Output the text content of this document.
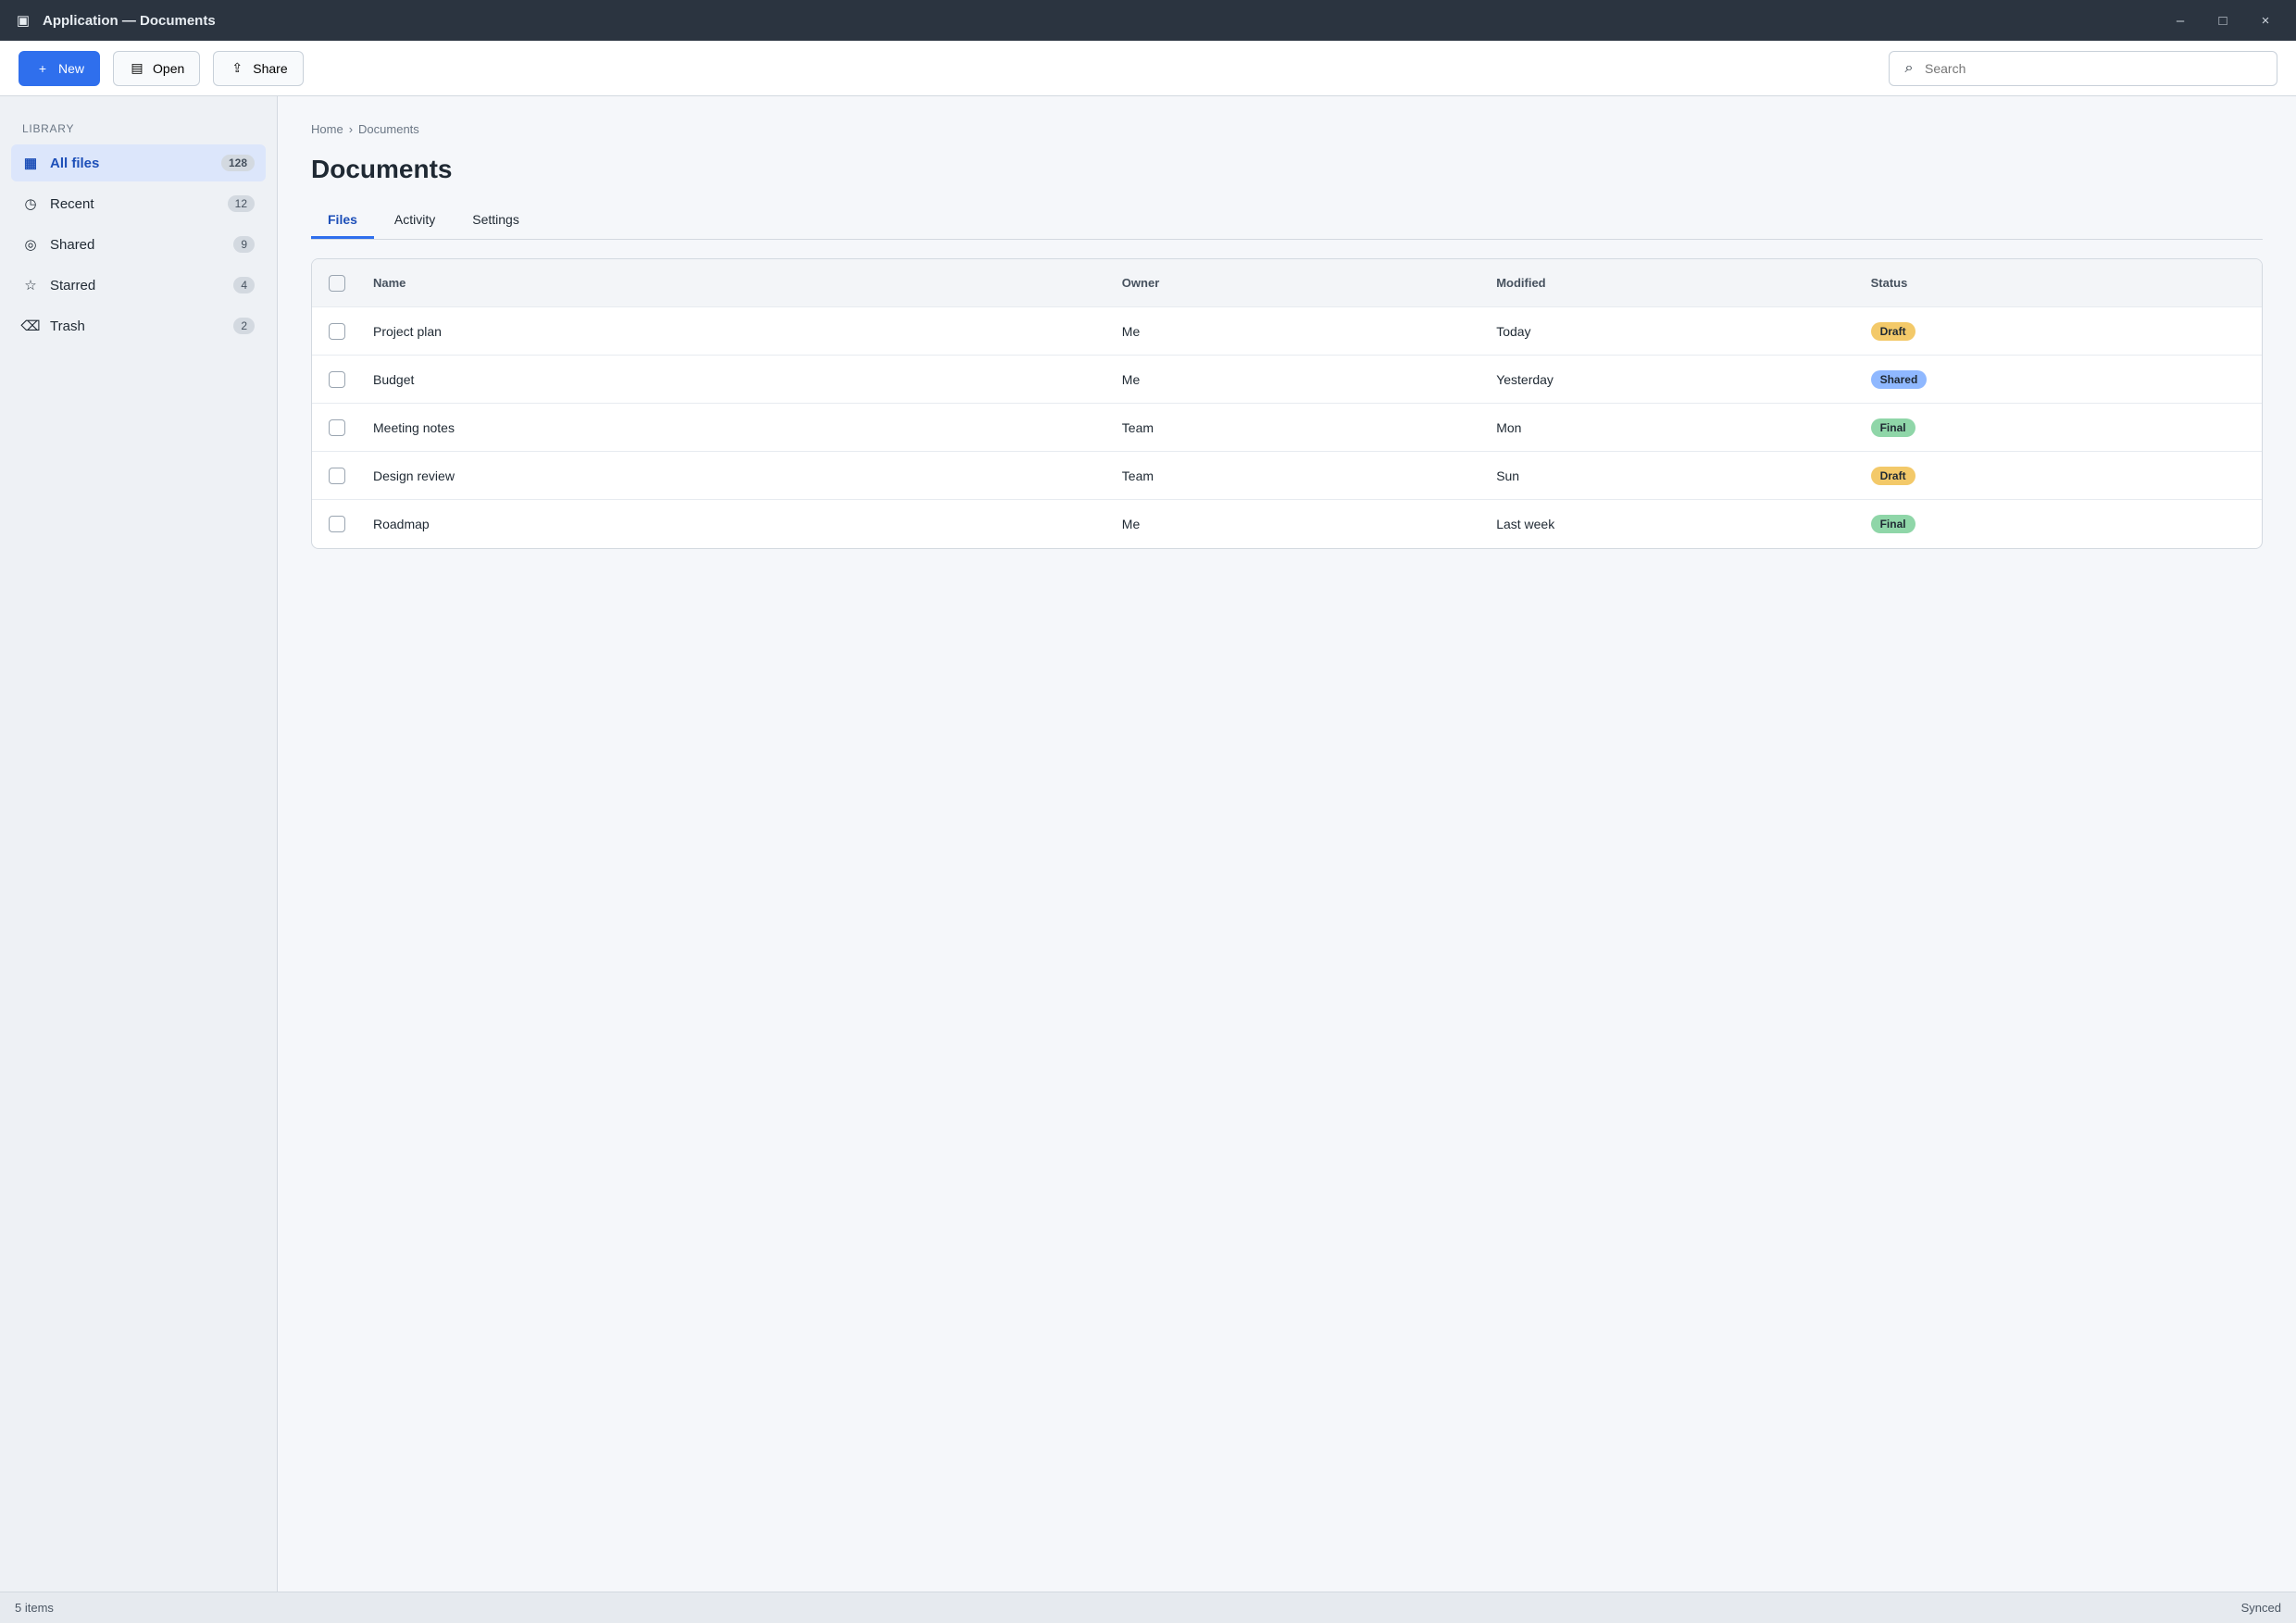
▣ Application — Documents	–	□	×
+ New	▤ Open	⇪ Share	⌕
Search
LIBRARY
▦ All files	128
◷ Recent	12
◎ Shared	9
☆ Starred	4
⌫ Trash	2
Home › Documents
Documents
Files	Activity	Settings
Name	Owner	Modified	Status
Project plan	Me	Today	Draft
Budget	Me	Yesterday	Shared
Meeting notes	Team	Mon	Final
Design review	Team	Sun	Draft
Roadmap	Me	Last week	Final
5 items	Synced
